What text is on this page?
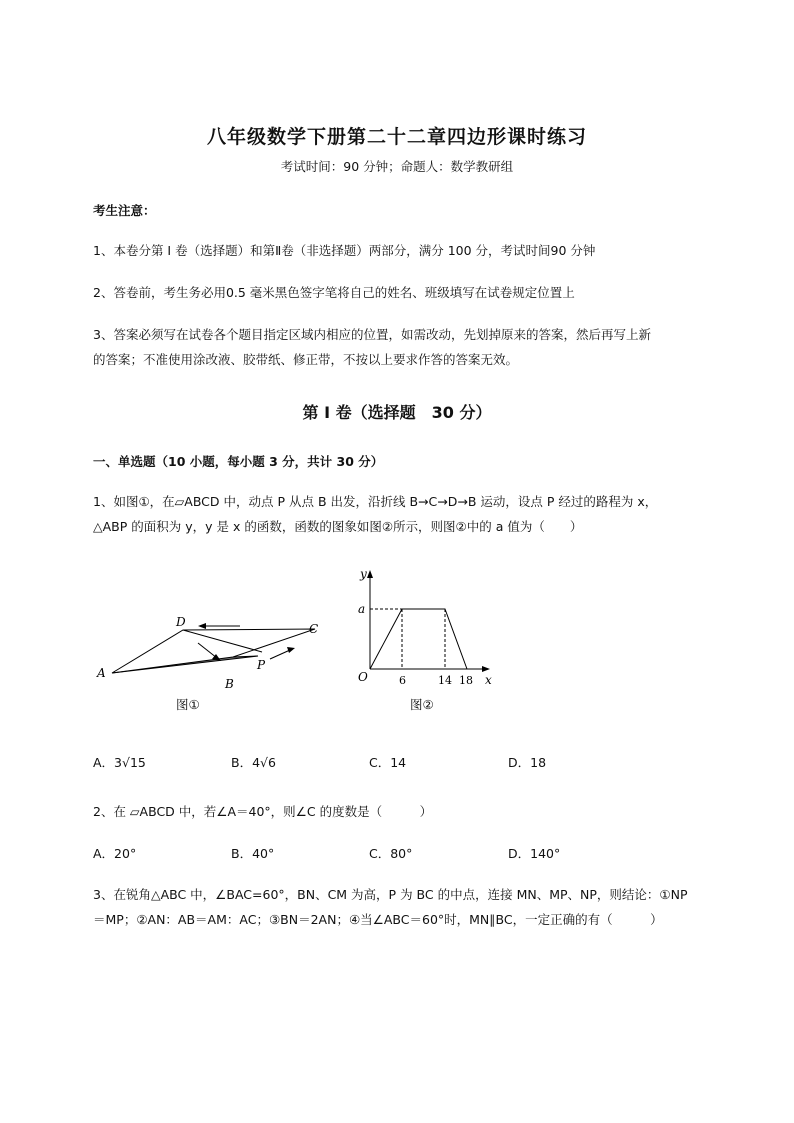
八年级数学下册第二十二章四边形课时练习
考试时间：90 分钟；命题人：数学教研组
考生注意：
1、本卷分第 I 卷（选择题）和第Ⅱ卷（非选择题）两部分，满分 100 分，考试时间90 分钟
2、答卷前，考生务必用0.5 毫米黑色签字笔将自己的姓名、班级填写在试卷规定位置上
3、答案必须写在试卷各个题目指定区域内相应的位置，如需改动，先划掉原来的答案，然后再写上新
的答案；不准使用涂改液、胶带纸、修正带，不按以上要求作答的答案无效。
第 I 卷（选择题　30 分）
一、单选题（10 小题，每小题 3 分，共计 30 分）
1、如图①，在▱ABCD 中，动点 P 从点 B 出发，沿折线 B→C→D→B 运动，设点 P 经过的路程为 x，
△ABP 的面积为 y，y 是 x 的函数，函数的图象如图②所示，则图②中的 a 值为（　　）
A
B
C
D
P
图①
y
x
O
a
6	14 18
图②
A．3√15	B．4√6	C．14	D．18
2、在 ▱ABCD 中，若∠A＝40°，则∠C 的度数是（　　　）
A．20°	B．40°	C．80°	D．140°
3、在锐角△ABC 中，∠BAC=60°，BN、CM 为高，P 为 BC 的中点，连接 MN、MP、NP，则结论：①NP
＝MP；②AN：AB＝AM：AC；③BN＝2AN；④当∠ABC＝60°时，MN∥BC，一定正确的有（　　　）
